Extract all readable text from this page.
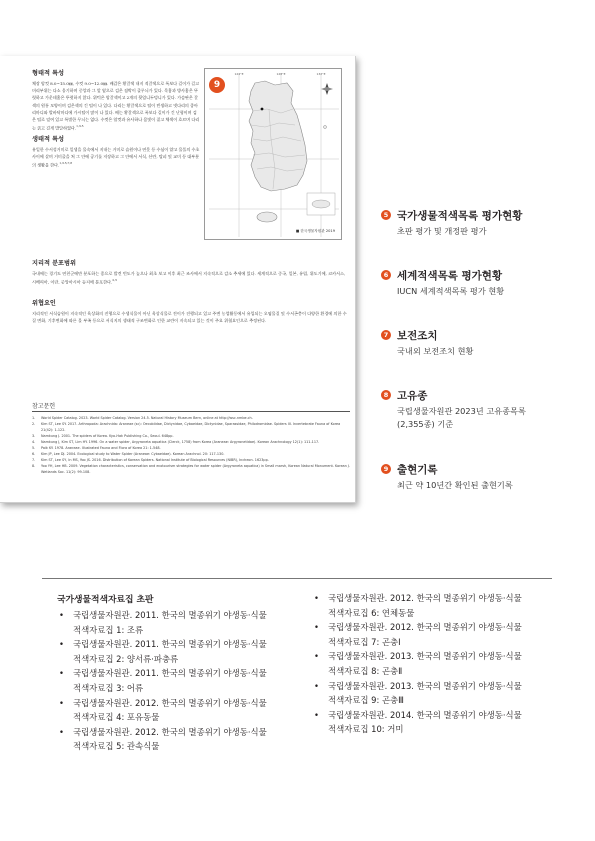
형태적 특성

체장 암컷 8.0~15.0㎜, 수컷 9.0~12.0㎜. 배갑은 황갈색 내지 적갈색으로 폭보다 길이가 길고 머리부위는 다소 융기하며 중앙과 그 앞 옆으로 검은 점박이 줄무늬가 있다. 목홈과 방사홈은 뚜렷하고 가운데홈은 뚜렷하지 않다. 위턱은 암갈색이고 2개의 뒷엄니두덩니가 있다. 가슴판은 갈색의 원통 모양이며 검은색의 긴 털이 나 있다. 다리는 황갈색으로 털이 빈생하고 넷다리의 종아리마디와 발바닥마디에 가시털이 많이 나 있다. 배는 황갈색으로 폭보다 길이가 긴 난형이며 검은 털로 덮여 있고 특별한 무늬는 없다. 수컷은 암컷과 유사하나 몸빛이 짙고 체색이 흐르며 다리는 굵고 길게 발달하였다.$^{1,3-5}$

생태적 특성

유일한 수서성거미로 일생을 물속에서 지내는 거미로 습원이나 연못 등 수심이 얕고 물풀의 수초 사이에 살며 거미줄을 쳐 그 안에 공기를 저장하고 그 안에서 서식, 산란, 탈피 및 교미 등 대부분의 생활을 한다.$^{1,3-5,7,8}$

124°E	128°E	132°E
9
■ 한국생물자원관 2019
지리적 분포범위

국내에는 경기도 연천군에만 분포하는 종으로 발견 빈도가 높으나 최초 보고 이후 최근 조사에서 지속적으로 감소 추세에 있다. 세계적으로 중국, 일본, 유럽, 위도기에, 코카서스, 시베리아, 이란, 중앙아시아 등지에 분포한다.$^{2,5}$

위협요인

지리적인 서식습원이 지속적인 육상화의 진행으로 수생식물이 아닌 육상식물로 전이가 진행되고 있고 주변 농업활동에서 유입되는 오염물질 및 수서곤충이 다양한 환경에 의한 수질 변화, 기후변화에 따른 물 부족 등으로 서식지의 생태적 구조변화로 인한 교란이 지속되고 있는 것이 주요 위협요인으로 추정된다.

참고문헌
1. World Spider Catalog. 2023. World Spider Catalog. Version 24.5. Natural History Museum Bern, online at http://wsc.nmbe.ch.
2. Kim ST, Lee SY. 2017. Arthropoda: Arachnida: Araneae (sc): Oecobiidae, Dictynidae, Cybaeidae, Dictynidae, Sparassidae, Philodromidae. Spiders III. Invertebrate Fauna of Korea 21(42): 1-122.
3. Namkung J. 2001. The spiders of Korea. Kyo-Hak Publishing Co., Seoul. 648pp.
4. Namkung J, Kim ST, Lim HY. 1996. On a water spider, Argyroneta aquatica (Clerck, 1758) from Korea (Araneae: Argyronetidae). Korean Arachnology 12(1): 111-117.
5. Paik KY. 1978. Araneae. Illustrated Fauna and Flora of Korea 21: 1-548.
6. Kim JP, Lee DJ. 2004. Ecological study to Water Spider (Araneae: Cybaeidae). Korean Arachnol. 20: 117-130.
7. Kim ST, Lee SY, In MS, Yoo JS. 2016. Distribution of Korean Spiders. National Institute of Biological Resources (NIBR), Incheon. 1623pp.
8. Yoo YH, Lee HB. 2009. Vegetation characteristics, conservation and ecotourism strategies for water spider (Argyroneta aquatica) in Small marsh, Korean Natural Monument. Korean J. Wetlands Soc. 11(2): 99-108.
5 국가생물적색목록 평가현황
초판 평가 및 개정판 평가
6 세계적색목록 평가현황
IUCN 세계적색목록 평가 현황
7 보전조치
국내외 보전조치 현황
8 고유종
국립생물자원관 2023년 고유종목록
(2,355종) 기준
9 출현기록
최근 약 10년간 확인된 출현기록
국가생물적색자료집 초판
• 국립생물자원관. 2011. 한국의 멸종위기 야생동·식물
적색자료집 1: 조류
• 국립생물자원관. 2011. 한국의 멸종위기 야생동·식물
적색자료집 2: 양서류·파충류
• 국립생물자원관. 2011. 한국의 멸종위기 야생동·식물
적색자료집 3: 어류
• 국립생물자원관. 2012. 한국의 멸종위기 야생동·식물
적색자료집 4: 포유동물
• 국립생물자원관. 2012. 한국의 멸종위기 야생동·식물
적색자료집 5: 관속식물
• 국립생물자원관. 2012. 한국의 멸종위기 야생동·식물
적색자료집 6: 연체동물
• 국립생물자원관. 2012. 한국의 멸종위기 야생동·식물
적색자료집 7: 곤충Ⅰ
• 국립생물자원관. 2013. 한국의 멸종위기 야생동·식물
적색자료집 8: 곤충Ⅱ
• 국립생물자원관. 2013. 한국의 멸종위기 야생동·식물
적색자료집 9: 곤충Ⅲ
• 국립생물자원관. 2014. 한국의 멸종위기 야생동·식물
적색자료집 10: 거미
